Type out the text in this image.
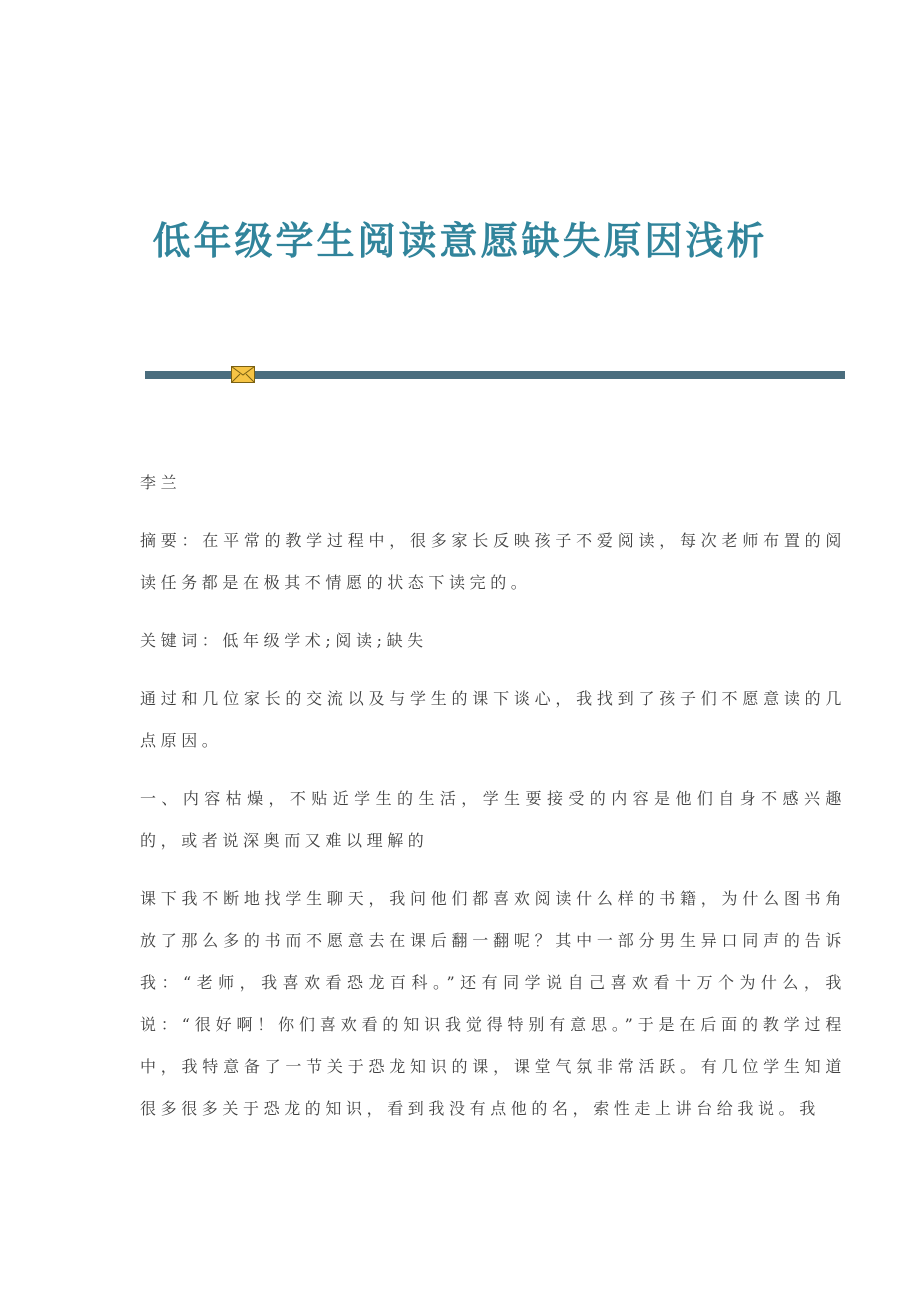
低年级学生阅读意愿缺失原因浅析

李兰

摘要：在平常的教学过程中，很多家长反映孩子不爱阅读，每次老师布置的阅读任务都是在极其不情愿的状态下读完的。

关键词：低年级学术;阅读;缺失

通过和几位家长的交流以及与学生的课下谈心，我找到了孩子们不愿意读的几点原因。

一、内容枯燥，不贴近学生的生活，学生要接受的内容是他们自身不感兴趣的，或者说深奥而又难以理解的

课下我不断地找学生聊天，我问他们都喜欢阅读什么样的书籍，为什么图书角放了那么多的书而不愿意去在课后翻一翻呢？其中一部分男生异口同声的告诉我：“老师，我喜欢看恐龙百科。”还有同学说自己喜欢看十万个为什么，我说：“很好啊！你们喜欢看的知识我觉得特别有意思。”于是在后面的教学过程中，我特意备了一节关于恐龙知识的课，课堂气氛非常活跃。有几位学生知道很多很多关于恐龙的知识，看到我没有点他的名，索性走上讲台给我说。我
